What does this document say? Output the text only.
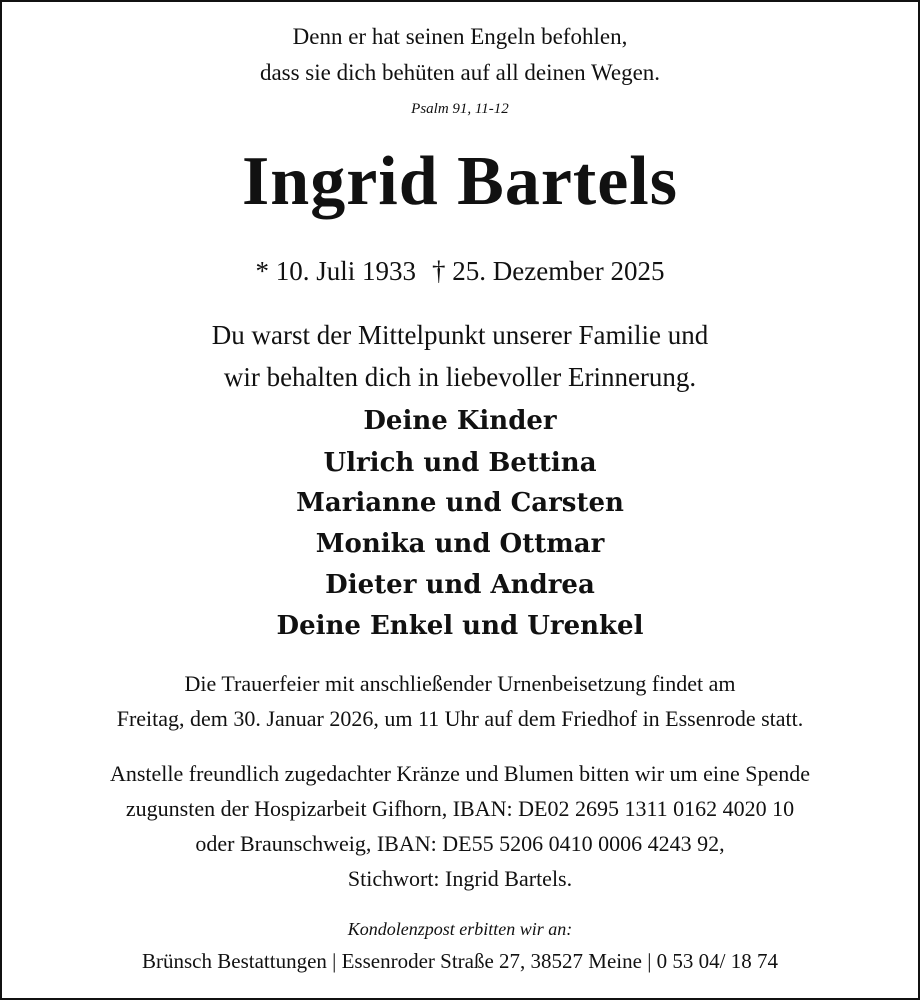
Denn er hat seinen Engeln befohlen,
dass sie dich behüten auf all deinen Wegen.
Psalm 91, 11-12
Ingrid Bartels
* 10. Juli 1933 † 25. Dezember 2025
Du warst der Mittelpunkt unserer Familie und
wir behalten dich in liebevoller Erinnerung.
Deine Kinder
Ulrich und Bettina
Marianne und Carsten
Monika und Ottmar
Dieter und Andrea
Deine Enkel und Urenkel
Die Trauerfeier mit anschließender Urnenbeisetzung findet am
Freitag, dem 30. Januar 2026, um 11 Uhr auf dem Friedhof in Essenrode statt.
Anstelle freundlich zugedachter Kränze und Blumen bitten wir um eine Spende
zugunsten der Hospizarbeit Gifhorn, IBAN: DE02 2695 1311 0162 4020 10
oder Braunschweig, IBAN: DE55 5206 0410 0006 4243 92,
Stichwort: Ingrid Bartels.
Kondolenzpost erbitten wir an:
Brünsch Bestattungen | Essenroder Straße 27, 38527 Meine | 0 53 04/ 18 74
